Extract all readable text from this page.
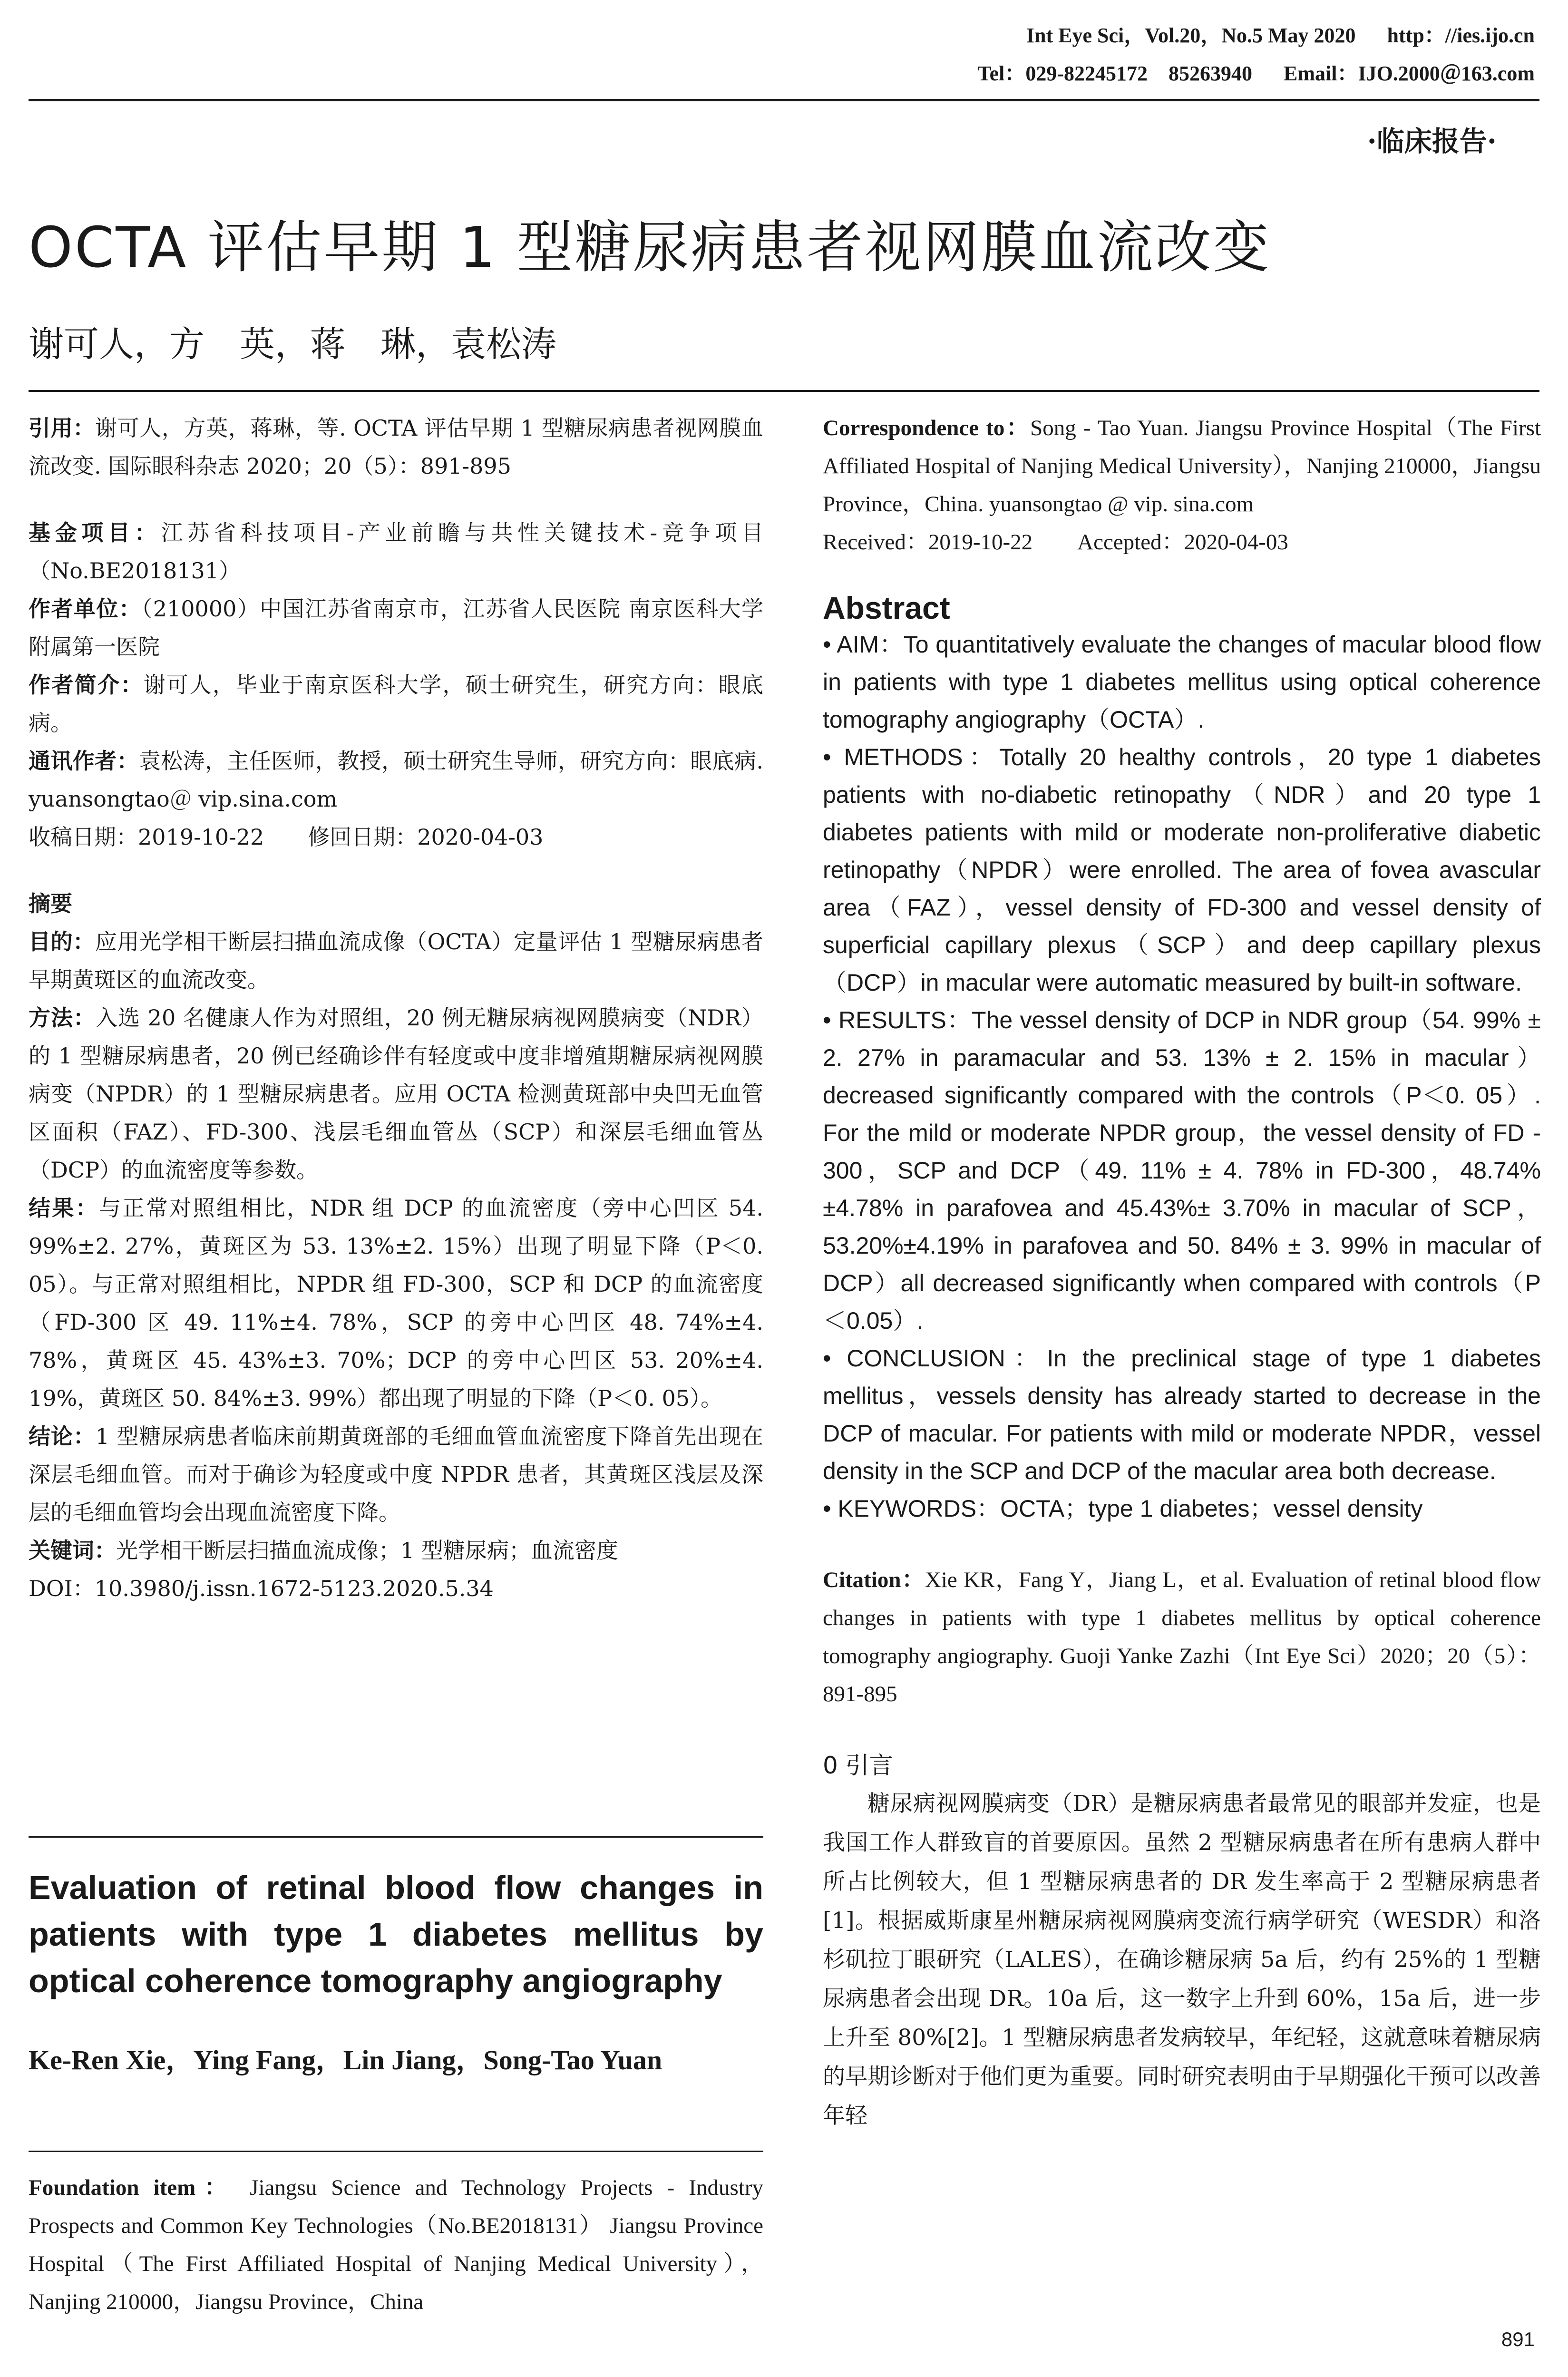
Int Eye Sci，Vol.20，No.5 May 2020 http：//ies.ijo.cn
Tel：029-82245172　85263940 Email：IJO.2000＠163.com
·临床报告·
OCTA 评估早期 1 型糖尿病患者视网膜血流改变
谢可人，方　英，蒋　琳，袁松涛

引用：谢可人，方英，蒋琳，等. OCTA 评估早期 1 型糖尿病患者视网膜血流改变. 国际眼科杂志 2020；20（5）：891-895

基金项目：江苏省科技项目-产业前瞻与共性关键技术-竞争项目（No.BE2018131）

作者单位：（210000）中国江苏省南京市，江苏省人民医院 南京医科大学附属第一医院

作者简介：谢可人，毕业于南京医科大学，硕士研究生，研究方向：眼底病。

通讯作者：袁松涛，主任医师，教授，硕士研究生导师，研究方向：眼底病. yuansongtao＠ vip.sina.com

收稿日期：2019-10-22　　修回日期：2020-04-03

摘要

目的：应用光学相干断层扫描血流成像（OCTA）定量评估 1 型糖尿病患者早期黄斑区的血流改变。

方法：入选 20 名健康人作为对照组，20 例无糖尿病视网膜病变（NDR）的 1 型糖尿病患者，20 例已经确诊伴有轻度或中度非增殖期糖尿病视网膜病变（NPDR）的 1 型糖尿病患者。应用 OCTA 检测黄斑部中央凹无血管区面积（FAZ）、FD-300、浅层毛细血管丛（SCP）和深层毛细血管丛（DCP）的血流密度等参数。

结果：与正常对照组相比，NDR 组 DCP 的血流密度（旁中心凹区 54. 99%±2. 27%，黄斑区为 53. 13%±2. 15%）出现了明显下降（P＜0. 05）。与正常对照组相比，NPDR 组 FD-300，SCP 和 DCP 的血流密度（FD-300 区 49. 11%±4. 78%，SCP 的旁中心凹区 48. 74%±4. 78%，黄斑区 45. 43%±3. 70%；DCP 的旁中心凹区 53. 20%±4. 19%，黄斑区 50. 84%±3. 99%）都出现了明显的下降（P＜0. 05）。

结论：1 型糖尿病患者临床前期黄斑部的毛细血管血流密度下降首先出现在深层毛细血管。而对于确诊为轻度或中度 NPDR 患者，其黄斑区浅层及深层的毛细血管均会出现血流密度下降。

关键词：光学相干断层扫描血流成像；1 型糖尿病；血流密度

DOI：10.3980/j.issn.1672-5123.2020.5.34

Evaluation of retinal blood flow changes in patients with type 1 diabetes mellitus by optical coherence tomography angiography

Ke-Ren Xie，Ying Fang，Lin Jiang，Song-Tao Yuan

Foundation item： Jiangsu Science and Technology Projects - Industry Prospects and Common Key Technologies（No.BE2018131） Jiangsu Province Hospital（The First Affiliated Hospital of Nanjing Medical University），Nanjing 210000，Jiangsu Province，China

Correspondence to：Song - Tao Yuan. Jiangsu Province Hospital（The First Affiliated Hospital of Nanjing Medical University），Nanjing 210000，Jiangsu Province，China. yuansongtao @ vip. sina.com

Received：2019-10-22　　Accepted：2020-04-03

Abstract

• AIM：To quantitatively evaluate the changes of macular blood flow in patients with type 1 diabetes mellitus using optical coherence tomography angiography（OCTA）.

• METHODS：Totally 20 healthy controls，20 type 1 diabetes patients with no-diabetic retinopathy（NDR）and 20 type 1 diabetes patients with mild or moderate non-proliferative diabetic retinopathy（NPDR）were enrolled. The area of fovea avascular area（FAZ），vessel density of FD-300 and vessel density of superficial capillary plexus（SCP）and deep capillary plexus（DCP）in macular were automatic measured by built-in software.

• RESULTS：The vessel density of DCP in NDR group（54. 99% ± 2. 27% in paramacular and 53. 13% ± 2. 15% in macular）decreased significantly compared with the controls（P＜0. 05）. For the mild or moderate NPDR group，the vessel density of FD - 300，SCP and DCP（49. 11% ± 4. 78% in FD-300，48.74%±4.78% in parafovea and 45.43%± 3.70% in macular of SCP，53.20%±4.19% in parafovea and 50. 84% ± 3. 99% in macular of DCP）all decreased significantly when compared with controls（P＜0.05）.

• CONCLUSION：In the preclinical stage of type 1 diabetes mellitus，vessels density has already started to decrease in the DCP of macular. For patients with mild or moderate NPDR，vessel density in the SCP and DCP of the macular area both decrease.

• KEYWORDS：OCTA；type 1 diabetes；vessel density

Citation：Xie KR，Fang Y，Jiang L，et al. Evaluation of retinal blood flow changes in patients with type 1 diabetes mellitus by optical coherence tomography angiography. Guoji Yanke Zazhi（Int Eye Sci）2020；20（5）：891-895

0 引言

糖尿病视网膜病变（DR）是糖尿病患者最常见的眼部并发症，也是我国工作人群致盲的首要原因。虽然 2 型糖尿病患者在所有患病人群中所占比例较大，但 1 型糖尿病患者的 DR 发生率高于 2 型糖尿病患者[1]。根据威斯康星州糖尿病视网膜病变流行病学研究（WESDR）和洛杉矶拉丁眼研究（LALES），在确诊糖尿病 5a 后，约有 25%的 1 型糖尿病患者会出现 DR。10a 后，这一数字上升到 60%，15a 后，进一步上升至 80%[2]。1 型糖尿病患者发病较早，年纪轻，这就意味着糖尿病的早期诊断对于他们更为重要。同时研究表明由于早期强化干预可以改善年轻

891
